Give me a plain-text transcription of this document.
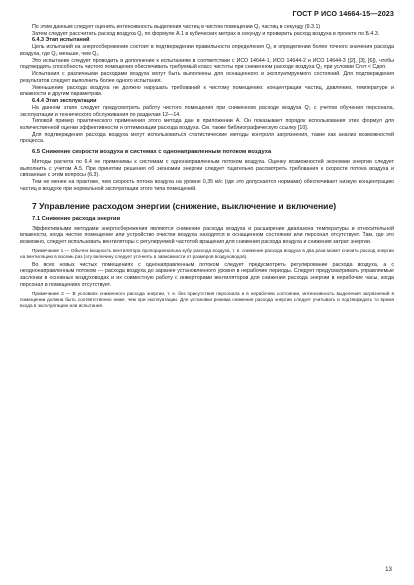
ГОСТ Р ИСО 14664-15—2023

По этим данным следует оценить интенсивность выделения частиц в чистом помещении Q₁ частиц в секунду (9.3.1)

Затем следует рассчитать расход воздуха Q₁ по формуле А.1 в кубических метрах в секунду и проверить расход воздуха в проекте по Б.4.3.

6.4.3 Этап испытаний

Цель испытаний на энергосбережение состоит в подтверждении правильности определения Q₁ и определении более точного значения расхода воздуха, где Q₂ меньше, чем Q₁.

Это испытание следует проводить в дополнение к испытаниям в соответствии с ИСО 14644-1, ИСО 14644-2 и ИСО 14644-3 ([2], [3], [6]), чтобы подтвердить способность чистого помещения обеспечивать требуемый класс чистоты при сниженном расходе воздуха Q₂ при условии Cгот < Cдоп.

Испытания с различными расходами воздуха могут быть выполнены для оснащенного и эксплуатируемого состояний. Для подтверждения результатов следует выполнить более одного испытания.

Уменьшение расхода воздуха не должно нарушать требований к чистому помещению: концентрации частиц, давлению, температуре и влажности и другим параметрам.

6.4.4 Этап эксплуатации

На данном этапе следует предусмотреть работу чистого помещения при сниженном расходе воздуха Q₂ с учетом обучения персонала, эксплуатации и технического обслуживания по разделам 12—14.

Типовой пример практического применения этого метода дан в приложении А. Он показывает порядок использования этих формул для количественной оценки эффективности и оптимизации расхода воздуха. См. также библиографическую ссылку [10].

Для подтверждения расхода воздуха могут использоваться статистические методы контроля загрязнения, такие как анализ возможностей процесса.

6.5 Снижение скорости воздуха в системах с однонаправленным потоком воздуха

Методы расчета по 6.4 не применимы к системам с однонаправленным потоком воздуха. Оценку возможностей экономии энергии следует выполнить с учетом А.5. При принятии решения об экономии энергии следует тщательно рассмотреть требования к скорости потока воздуха и связанные с этим вопросы (6.3).

Тем не менее на практике, чем скорость потока воздуха на уровне 0,35 м/с (где это допускается нормами) обеспечивает низкую концентрацию частиц в воздухе при нормальной эксплуатации этого типа помещений.

7 Управление расходом энергии (снижение, выключение и включение)
7.1 Снижение расхода энергии

Эффективными методами энергосбережения являются снижение расхода воздуха и расширение диапазона температуры и относительной влажности, когда чистое помещение или устройство очистки воздуха находятся в оснащенном состоянии или персонал отсутствует. Там, где это возможно, следует использовать вентиляторы с регулируемой частотой вращения для снижения расхода воздуха и снижения затрат энергии.

Примечание 1 — Обычно мощность вентилятора пропорциональна кубу расхода воздуха, т. е. снижение расхода воздуха в два раза может снизить расход энергии на вентиляцию в восемь раз (эту величину следует уточнять в зависимости от размеров воздуховодов).

Во всех новых чистых помещениях с однонаправленным потоком следует предусмотреть регулирование расхода воздуха, а с неоднонаправленным потоком — расхода воздуха до заранее установленного уровня в нерабочие периоды. Следует предусматривать управляемые заслонки в основных воздуховодах и их совместную работу с инверторами вентиляторов для снижения расхода энергии в нерабочие часы, когда персонал в помещениях отсутствует.

Примечание 2 — В условиях сниженного расхода энергии, т. е. без присутствия персонала и в нерабочем состоянии, интенсивность выделения загрязнений в помещении должна быть соответственно ниже, чем при эксплуатации. Для установки режима снижения расхода энергии следует учитывать и подтверждать то время входа в эксплуатацию или испытания.

13
